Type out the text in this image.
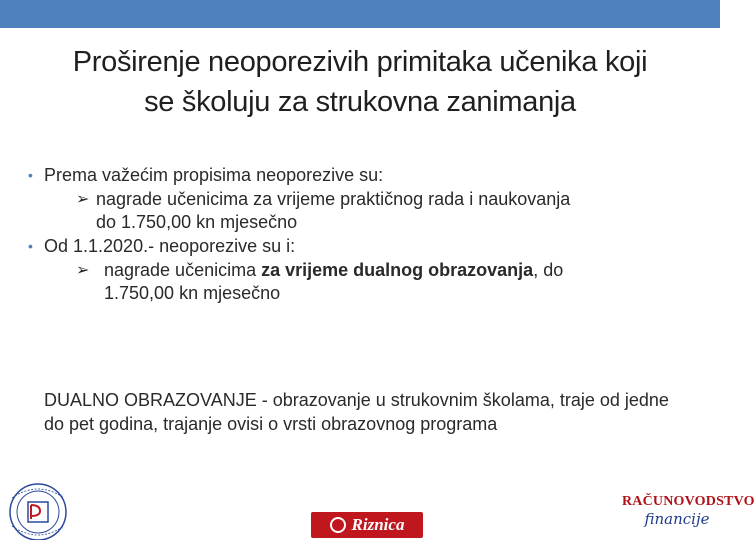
Proširenje neoporezivih primitaka učenika koji
se školuju za strukovna zanimanja
• Prema važećim propisima neoporezive su:
➢ nagrade učenicima za vrijeme praktičnog rada i naukovanja
do 1.750,00 kn mjesečno
• Od 1.1.2020.- neoporezive su i:
➢ nagrade učenicima za vrijeme dualnog obrazovanja, do
1.750,00 kn mjesečno
DUALNO OBRAZOVANJE - obrazovanje u strukovnim školama, traje od jedne do pet godina, trajanje ovisi o vrsti obrazovnog programa
Riznica
RAČUNOVODSTVO
financije
